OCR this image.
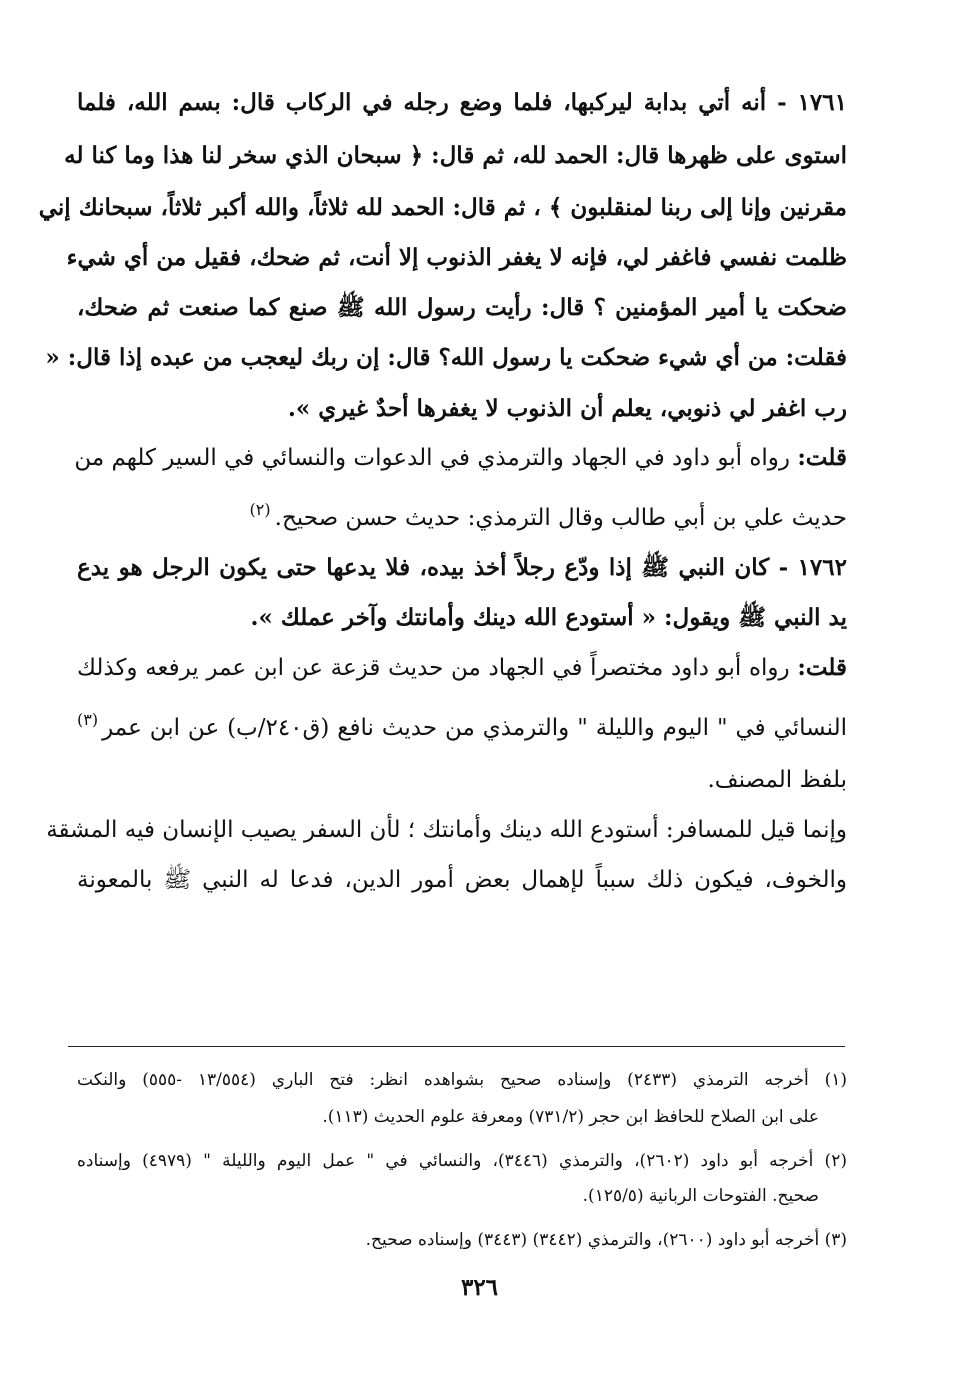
١٧٦١ - أنه أتي بدابة ليركبها، فلما وضع رجله في الركاب قال: بسم الله، فلما
استوى على ظهرها قال: الحمد لله، ثم قال: ﴿ سبحان الذي سخر لنا هذا وما كنا له
مقرنين وإنا إلى ربنا لمنقلبون ﴾ ، ثم قال: الحمد لله ثلاثاً، والله أكبر ثلاثاً، سبحانك إني
ظلمت نفسي فاغفر لي، فإنه لا يغفر الذنوب إلا أنت، ثم ضحك، فقيل من أي شيء
ضحكت يا أمير المؤمنين ؟ قال: رأيت رسول الله ﷺ صنع كما صنعت ثم ضحك،
فقلت: من أي شيء ضحكت يا رسول الله؟ قال: إن ربك ليعجب من عبده إذا قال: «
رب اغفر لي ذنوبي، يعلم أن الذنوب لا يغفرها أحدٌ غيري ».
قلت: رواه أبو داود في الجهاد والترمذي في الدعوات والنسائي في السير كلهم من
حديث علي بن أبي طالب وقال الترمذي: حديث حسن صحيح.$^{(٢)}$
١٧٦٢ - كان النبي ﷺ إذا ودّع رجلاً أخذ بيده، فلا يدعها حتى يكون الرجل هو يدع
يد النبي ﷺ ويقول: « أستودع الله دينك وأمانتك وآخر عملك ».
قلت: رواه أبو داود مختصراً في الجهاد من حديث قزعة عن ابن عمر يرفعه وكذلك
النسائي في " اليوم والليلة " والترمذي من حديث نافع (ق٢٤٠/ب) عن ابن عمر$^{(٣)}$
بلفظ المصنف.
وإنما قيل للمسافر: أستودع الله دينك وأمانتك ؛ لأن السفر يصيب الإنسان فيه المشقة
والخوف، فيكون ذلك سبباً لإهمال بعض أمور الدين، فدعا له النبي ﷺ بالمعونة
(١) أخرجه الترمذي (٢٤٣٣) وإسناده صحيح بشواهده انظر: فتح الباري (١٣/٥٥٤ -٥٥٥) والنكت
على ابن الصلاح للحافظ ابن حجر (٧٣١/٢) ومعرفة علوم الحديث (١١٣).
(٢) أخرجه أبو داود (٢٦٠٢)، والترمذي (٣٤٤٦)، والنسائي في " عمل اليوم والليلة " (٤٩٧٩) وإسناده
صحيح. الفتوحات الربانية (١٢٥/٥).
(٣) أخرجه أبو داود (٢٦٠٠)، والترمذي (٣٤٤٢) (٣٤٤٣) وإسناده صحيح.
٣٢٦
